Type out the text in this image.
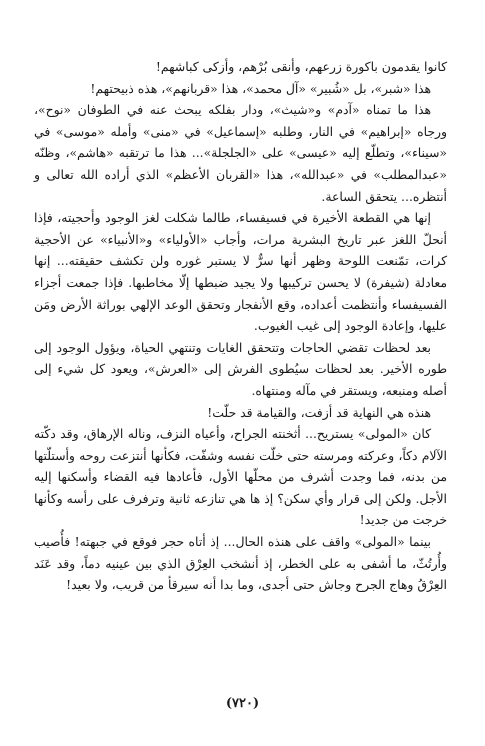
كانوا يقدمون باكورة زرعهم، وأنقى بُرْهم، وأزكى كباشهم!

هذا «شبر»، بل «شُبير» «آل محمد»، هذا «قربانهم»، هذه ذبيحتهم!

هذا ما تمناه «آدم» و«شيث»، ودار بفلكه يبحث عنه في الطوفان «نوح»، ورجاه «إبراهيم» في النار، وطلبه «إسماعيل» في «منى» وأمله «موسى» في «سيناء»، وتطلّع إليه «عيسى» على «الجلجلة»... هذا ما ترتقبه «هاشم»، وظنّه «عبدالمطلب» في «عبدالله»، هذا «القربان الأعظم» الذي أراده الله تعالى و أنتظره... يتحقق الساعة.

إنها هي القطعة الأخيرة في فسيفساء، طالما شكلت لغز الوجود وأحجيته، فإذا أنحلّ اللغز عبر تاريخ البشرية مرات، وأجاب «الأولياء» و«الأنبياء» عن الأحجية كرات، تمّنعت اللوحة وظهر أنها سرٌّ لا يستبر غوره ولن تكشف حقيقته... إنها معادلة (شيفرة) لا يحسن تركيبها ولا يجيد ضبطها إلّا مخاطبها. فإذا جمعت أجزاء الفسيفساء وأنتظمت أعداده، وقع الأنفجار وتحقق الوعد الإلهي بوراثة الأرض ومَن عليها، وإعادة الوجود إلى غيب الغيوب.

بعد لحظات تقضي الحاجات وتتحقق الغايات وتنتهي الحياة، ويؤول الوجود إلى طوره الأخير. بعد لحظات سيُطوى الفرش إلى «العرش»، ويعود كل شيء إلى أصله ومنبعه، ويستقر في مآله ومنتهاه.

هنذه هي النهاية قد أزفت، والقيامة قد حلّت!

كان «المولى» يستريح... أثخنته الجراح، وأعياه النزف، وناله الإرهاق، وقد دكّته الآلام دكاً، وعركته ومرسته حتى خلّت نفسه وشفّت، فكأنها أنتزعت روحه وأستلّتها من بدنه، فما وجدت أشرف من محلّها الأول، فأعادها فيه القضاء وأسكنها إليه الأجل. ولكن إلى قرار وأي سكن؟ إذ ها هي تنازعه ثانية وترفرف على رأسه وكأنها خرجت من جديد!

بينما «المولى» واقف على هنذه الحال... إذ أتاه حجر فوقع في جبهته! فأُصيب وأُرتُثّ، ما أشفى به على الخطر، إذ أنشخب العِرْق الذي بين عينيه دماً، وقد عَنَد العِرْقُ وهاج الجرح وجاش حتى أجدى، وما بدا أنه سيرقأ من قريب، ولا بعيد!

(٧٢٠)
